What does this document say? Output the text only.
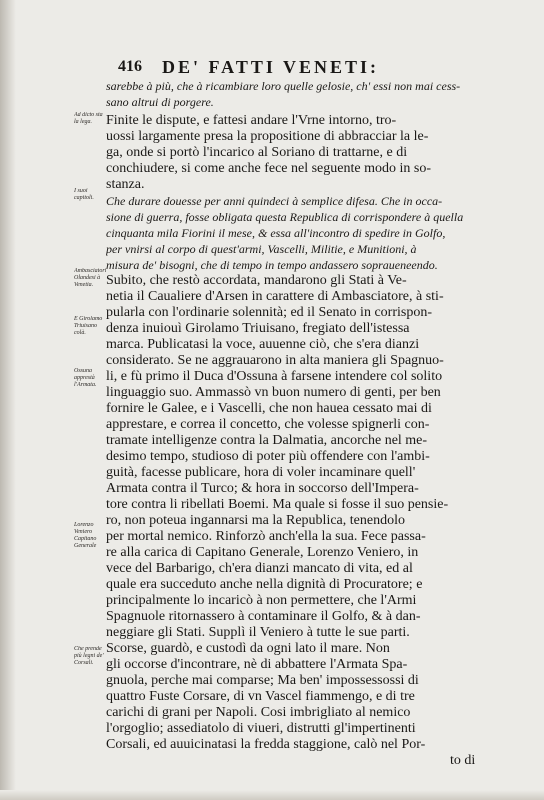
416 DE' FATTI VENETI:
Ad dicto sta la lega.
I suoi capitoli.
Ambasciatori Olandesi à Venetia.
E Girolamo Triuisano colà.
Ossuna apprestà l'Armata.
Lorenzo Veniero Capitano Generale
Che prende più legni de' Corsali.
sarebbe à più, che à ricambiare loro quelle gelosie, ch' essi non mai cess-
sano altrui di porgere.
Finite le dispute, e fattesi andare l'Vrne intorno, tro-
uossi largamente presa la propositione di abbracciar la le-
ga, onde si portò l'incarico al Soriano di trattarne, e di
conchiudere, si come anche fece nel seguente modo in so-
stanza.
Che durare douesse per anni quindeci à semplice difesa. Che in occa-
sione di guerra, fosse obligata questa Republica di corrispondere à quella
cinquanta mila Fiorini il mese, & essa all'incontro di spedire in Golfo,
per vnirsi al corpo di quest'armi, Vascelli, Militie, e Munitioni, à
misura de' bisogni, che di tempo in tempo andassero sopraueneendo.
Subito, che restò accordata, mandarono gli Stati à Ve-
netia il Caualiere d'Arsen in carattere di Ambasciatore, à sti-
pularla con l'ordinarie solennità; ed il Senato in corrispon-
denza inuiouì Girolamo Triuisano, fregiato dell'istessa
marca. Publicatasi la voce, auuenne ciò, che s'era dianzi
considerato. Se ne aggrauarono in alta maniera gli Spagnuo-
li, e fù primo il Duca d'Ossuna à farsene intendere col solito
linguaggio suo. Ammassò vn buon numero di genti, per ben
fornire le Galee, e i Vascelli, che non hauea cessato mai di
apprestare, e correa il concetto, che volesse spignerli con-
tramate intelligenze contra la Dalmatia, ancorche nel me-
desimo tempo, studioso di poter più offendere con l'ambi-
guità, facesse publicare, hora di voler incaminare quell'
Armata contra il Turco; & hora in soccorso dell'Impera-
tore contra li ribellati Boemi. Ma quale si fosse il suo pensie-
ro, non poteua ingannarsi ma la Republica, tenendolo
per mortal nemico. Rinforzò anch'ella la sua. Fece passa-
re alla carica di Capitano Generale, Lorenzo Veniero, in
vece del Barbarigo, ch'era dianzi mancato di vita, ed al
quale era succeduto anche nella dignità di Procuratore; e
principalmente lo incaricò à non permettere, che l'Armi
Spagnuole ritornassero à contaminare il Golfo, & à dan-
neggiare gli Stati. Supplì il Veniero à tutte le sue parti.
Scorse, guardò, e custodì da ogni lato il mare. Non
gli occorse d'incontrare, nè di abbattere l'Armata Spa-
gnuola, perche mai comparse; Ma ben' impossessossi di
quattro Fuste Corsare, di vn Vascel fiammengo, e di tre
carichi di grani per Napoli. Cosi imbrigliato al nemico
l'orgoglio; assediatolo di viueri, distrutti gl'impertinenti
Corsali, ed auuicinatasi la fredda staggione, calò nel Por-
to di
